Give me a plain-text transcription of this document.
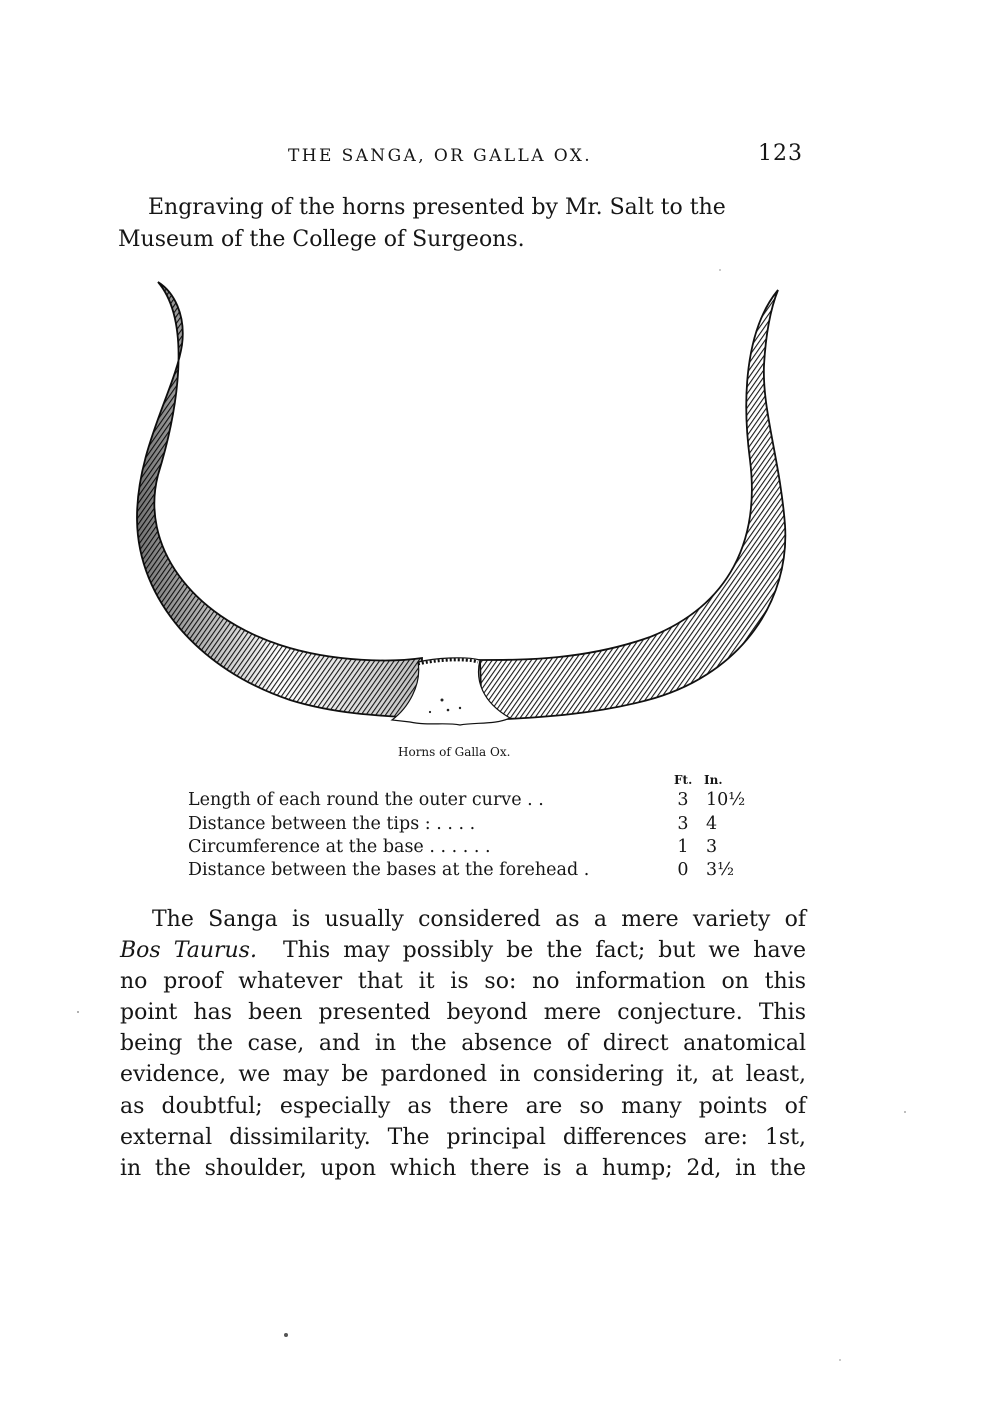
THE SANGA, OR GALLA OX.	123

Engraving of the horns presented by Mr. Salt to the
Museum of the College of Surgeons.

Horns of Galla Ox.
Ft. In.
Length of each round the outer curve . .	3 10½
Distance between the tips : . . . .	3 4
Circumference at the base . . . . . .	1 3
Distance between the bases at the forehead .	0 3½

The Sanga is usually considered as a mere variety of
Bos Taurus. This may possibly be the fact; but we have
no proof whatever that it is so: no information on this
point has been presented beyond mere conjecture. This
being the case, and in the absence of direct anatomical
evidence, we may be pardoned in considering it, at least,
as doubtful; especially as there are so many points of
external dissimilarity. The principal differences are: 1st,
in the shoulder, upon which there is a hump; 2d, in the
